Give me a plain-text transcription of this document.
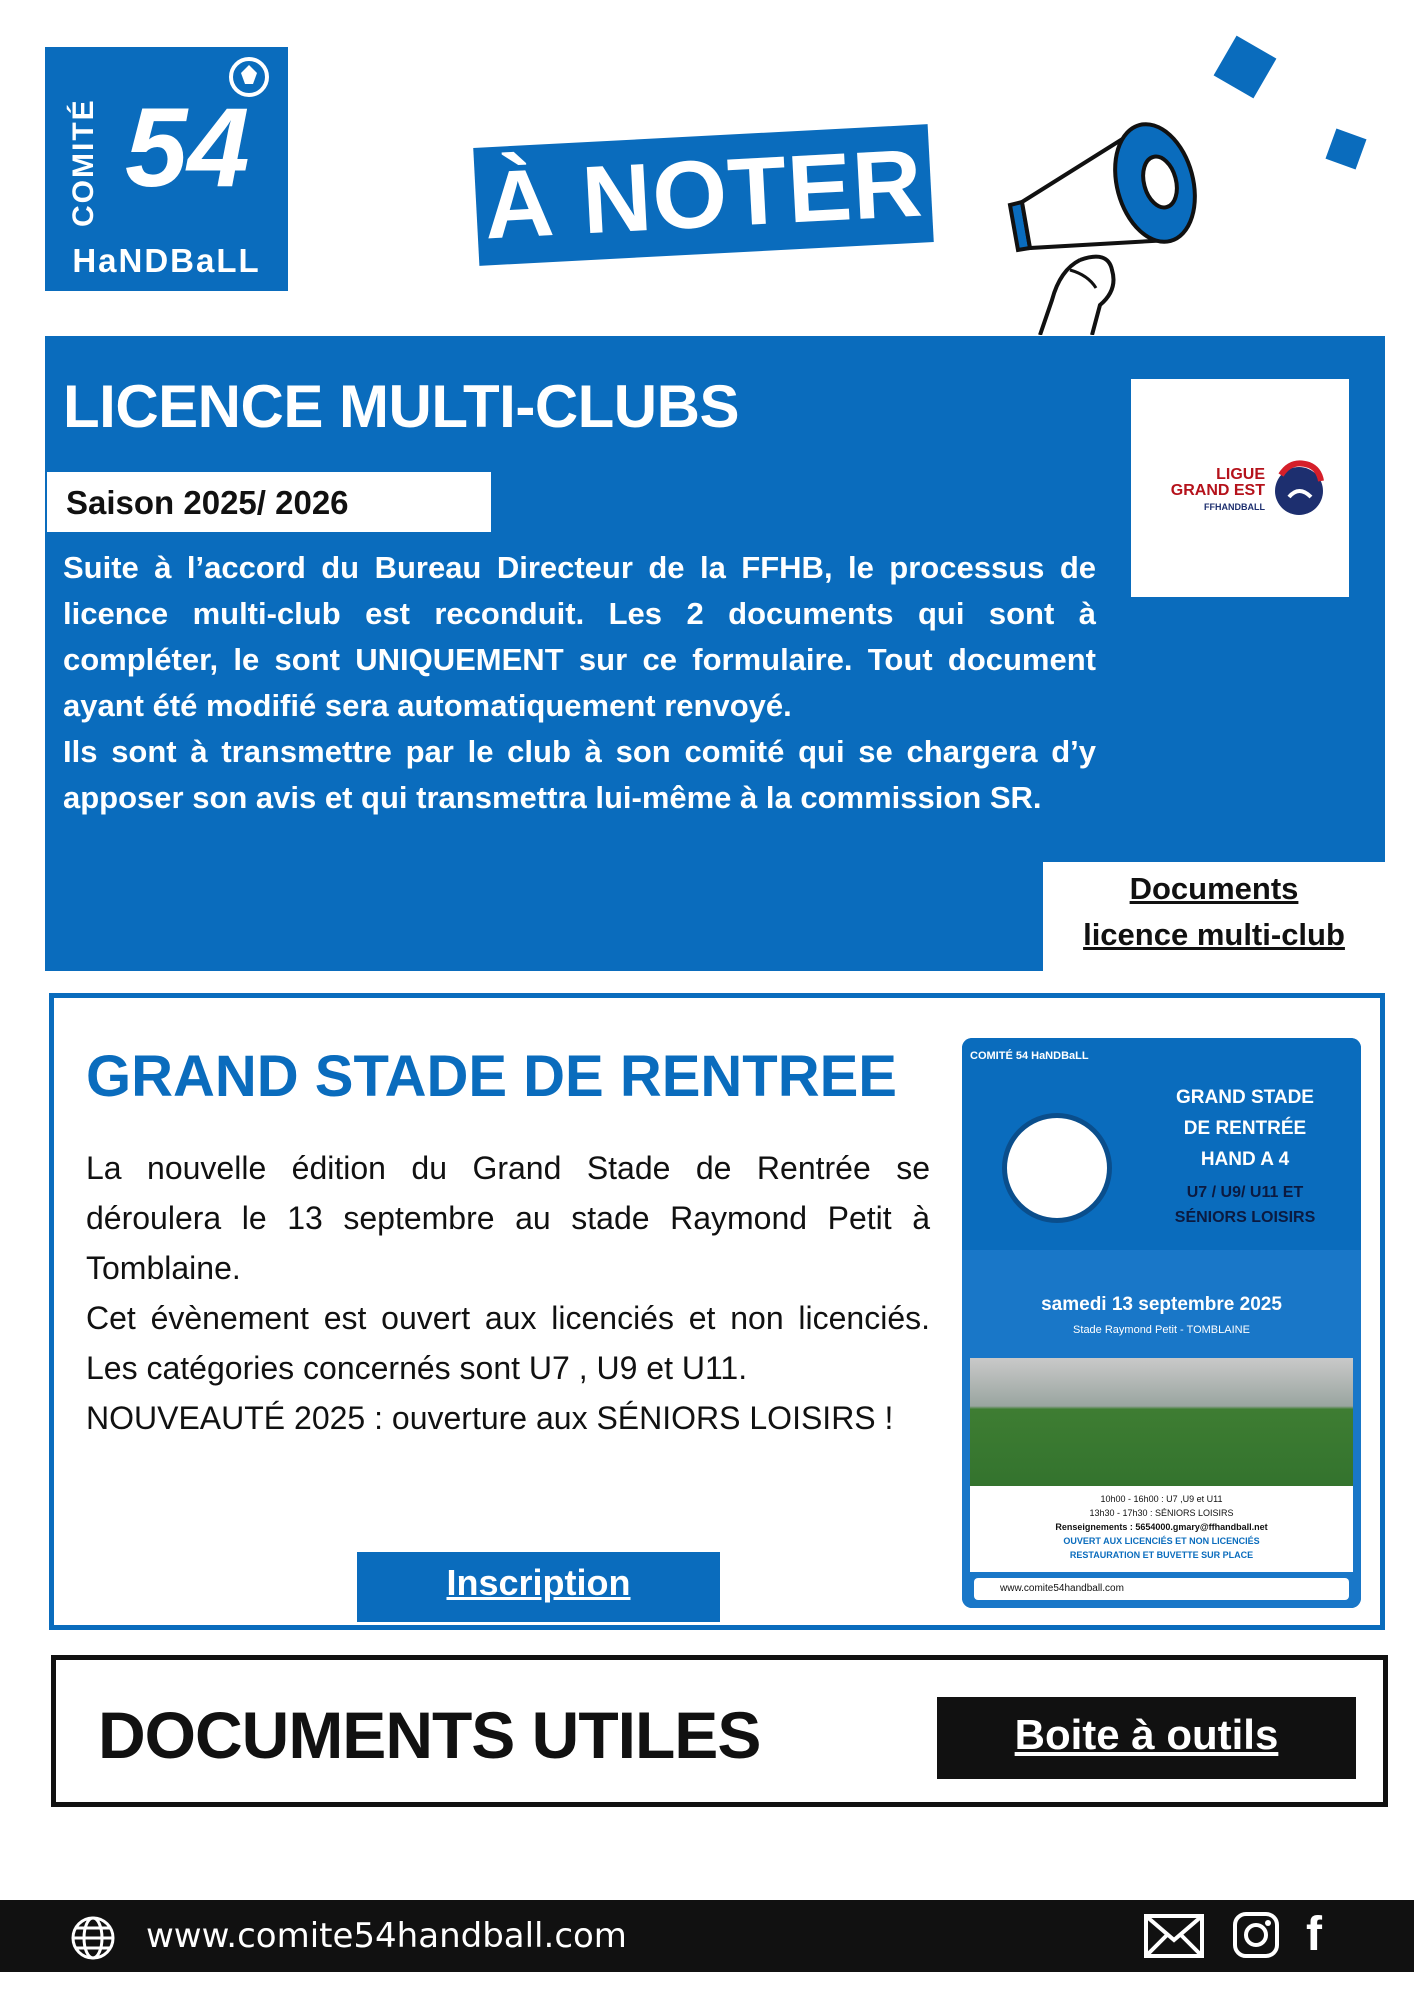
COMITÉ 54
HaNDBaLL
À NOTER
LICENCE MULTI-CLUBS
Saison 2025/ 2026

Suite à l’accord du Bureau Directeur de la FFHB, le processus de licence multi-club est reconduit. Les 2 documents qui sont à compléter, le sont UNIQUEMENT sur ce formulaire. Tout document ayant été modifié sera automatiquement renvoyé.

Ils sont à transmettre par le club à son comité qui se chargera d’y apposer son avis et qui transmettra lui-même à la commission SR.

LIGUE
GRAND EST
FFHANDBALL
Documents
licence multi-club
GRAND STADE DE RENTREE

La nouvelle édition du Grand Stade de Rentrée se déroulera le 13 septembre au stade Raymond Petit à Tomblaine.

Cet évènement est ouvert aux licenciés et non licenciés. Les catégories concernés sont U7 , U9 et U11.

NOUVEAUTÉ 2025 : ouverture aux SÉNIORS LOISIRS !

Inscription
COMITÉ 54 HaNDBaLL
GRAND STADE
DE RENTRÉE
HAND A 4
U7 / U9/ U11 ET
SÉNIORS LOISIRS
samedi 13 septembre 2025
Stade Raymond Petit - TOMBLAINE
10h00 - 16h00 : U7 ,U9 et U11
13h30 - 17h30 : SÉNIORS LOISIRS
Renseignements : 5654000.gmary@ffhandball.net
OUVERT AUX LICENCIÉS ET NON LICENCIÉS
RESTAURATION ET BUVETTE SUR PLACE
www.comite54handball.com
DOCUMENTS UTILES	Boite à outils
www.comite54handball.com	f
